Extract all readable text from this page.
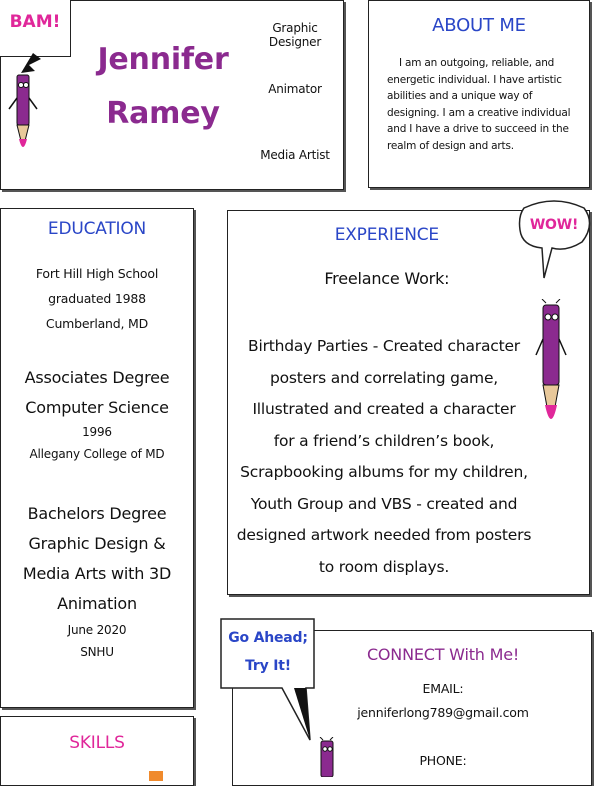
BAM!
Jennifer
Ramey
Graphic Designer
Animator
Media Artist
ABOUT ME
I am an outgoing, reliable, and energetic individual. I have artistic abilities and a unique way of designing. I am a creative individual and I have a drive to succeed in the realm of design and arts.
EDUCATION
Fort Hill High School
graduated 1988
Cumberland, MD
Associates Degree
Computer Science
1996
Allegany College of MD
Bachelors Degree
Graphic Design &
Media Arts with 3D
Animation
June 2020
SNHU
EXPERIENCE
Freelance Work:
Birthday Parties - Created character
posters and correlating game,
Illustrated and created a character
for a friend’s children’s book,
Scrapbooking albums for my children,
Youth Group and VBS - created and
designed artwork needed from posters
to room displays.
WOW!
SKILLS
CONNECT With Me!
EMAIL:
jenniferlong789@gmail.com
PHONE:
Go Ahead;
Try It!
